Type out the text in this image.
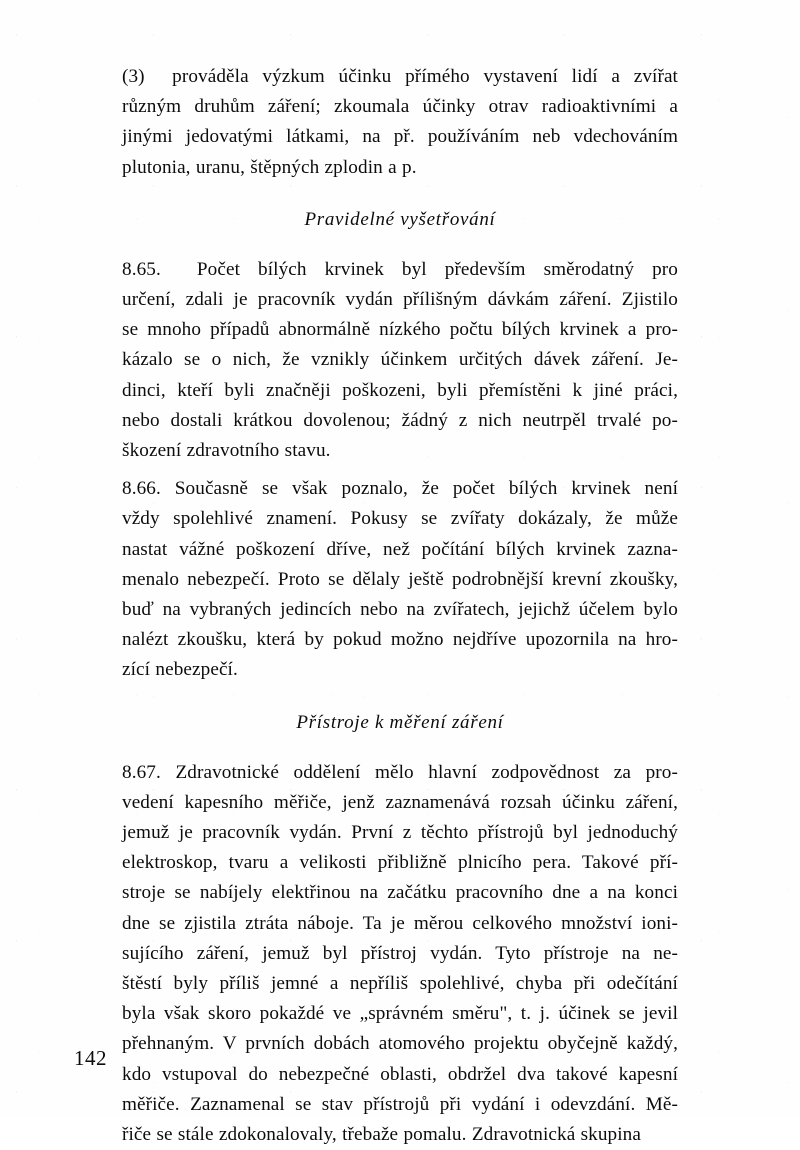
(3)  prováděla výzkum účinku přímého vystavení lidí a zvířat
různým druhům záření; zkoumala účinky otrav radioaktivními a
jinými jedovatými látkami, na př. používáním neb vdechováním
plutonia, uranu, štěpných zplodin a p.

Pravidelné vyšetřování

8.65.  Počet bílých krvinek byl především směrodatný pro
určení, zdali je pracovník vydán přílišným dávkám záření. Zjistilo
se mnoho případů abnormálně nízkého počtu bílých krvinek a pro-
kázalo se o nich, že vznikly účinkem určitých dávek záření. Je-
dinci, kteří byli značněji poškozeni, byli přemístěni k jiné práci,
nebo dostali krátkou dovolenou; žádný z nich neutrpěl trvalé po-
škození zdravotního stavu.

8.66. Současně se však poznalo, že počet bílých krvinek není
vždy spolehlivé znamení. Pokusy se zvířaty dokázaly, že může
nastat vážné poškození dříve, než počítání bílých krvinek zazna-
menalo nebezpečí. Proto se dělaly ještě podrobnější krevní zkoušky,
buď na vybraných jedincích nebo na zvířatech, jejichž účelem bylo
nalézt zkoušku, která by pokud možno nejdříve upozornila na hro-
zící nebezpečí.

Přístroje k měření záření

8.67. Zdravotnické oddělení mělo hlavní zodpovědnost za pro-
vedení kapesního měřiče, jenž zaznamenává rozsah účinku záření,
jemuž je pracovník vydán. První z těchto přístrojů byl jednoduchý
elektroskop, tvaru a velikosti přibližně plnicího pera. Takové pří-
stroje se nabíjely elektřinou na začátku pracovního dne a na konci
dne se zjistila ztráta náboje. Ta je měrou celkového množství ioni-
sujícího záření, jemuž byl přístroj vydán. Tyto přístroje na ne-
štěstí byly příliš jemné a nepříliš spolehlivé, chyba při odečítání
byla však skoro pokaždé ve „správném směru", t. j. účinek se jevil
přehnaným. V prvních dobách atomového projektu obyčejně každý,
kdo vstupoval do nebezpečné oblasti, obdržel dva takové kapesní
měřiče. Zaznamenal se stav přístrojů při vydání i odevzdání. Mě-
řiče se stále zdokonalovaly, třebaže pomalu. Zdravotnická skupina

142
